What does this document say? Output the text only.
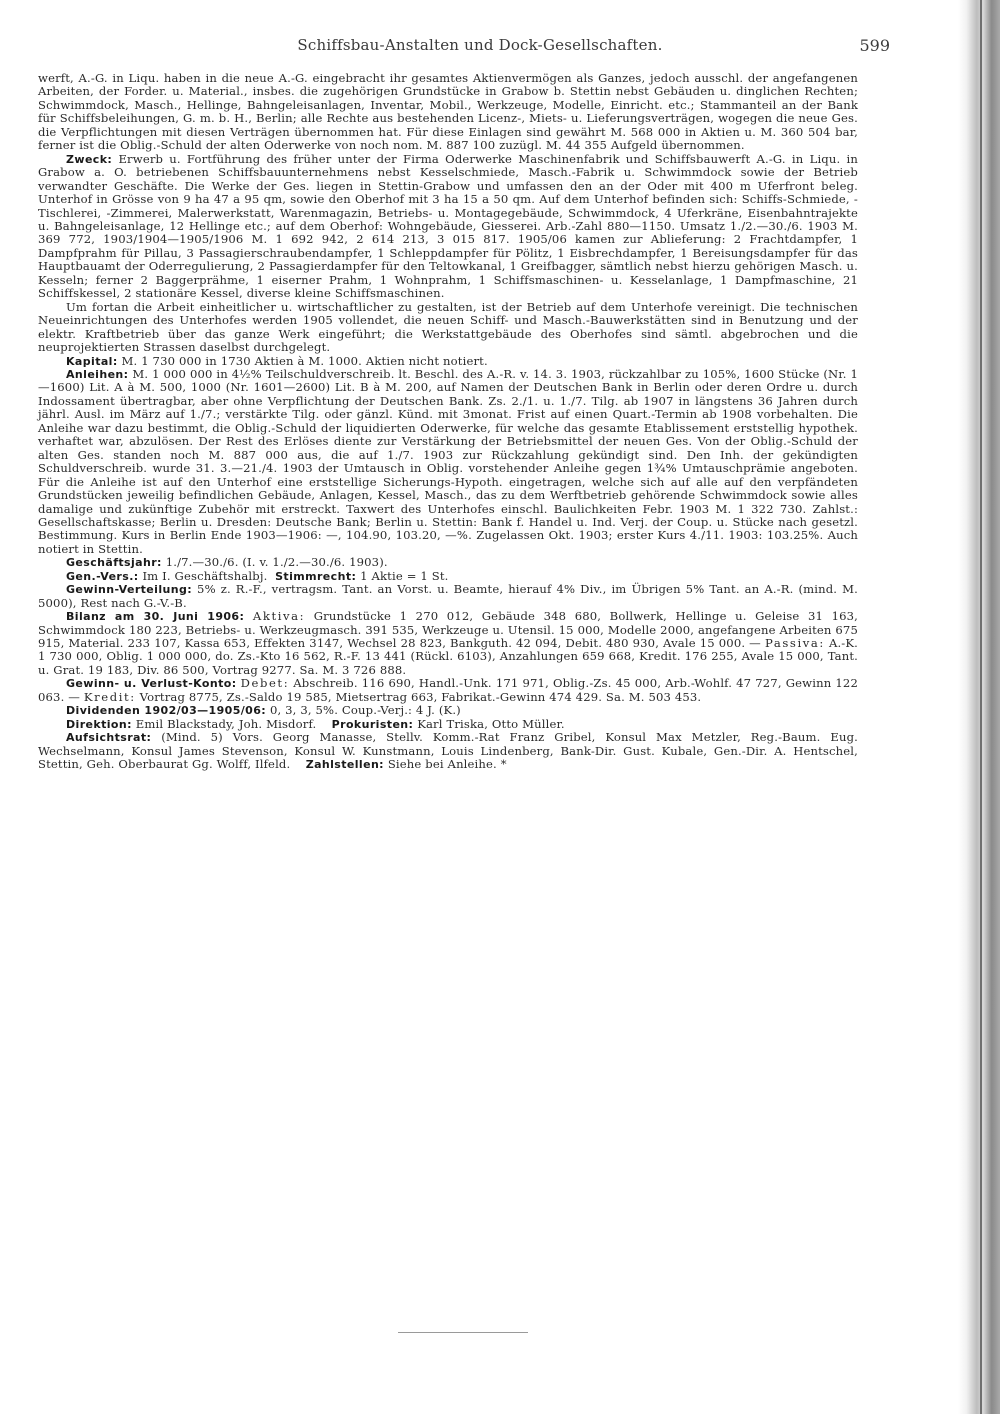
Schiffsbau-Anstalten und Dock-Gesellschaften.	599

werft, A.-G. in Liqu. haben in die neue A.-G. eingebracht ihr gesamtes Aktienvermögen als Ganzes, jedoch ausschl. der angefangenen Arbeiten, der Forder. u. Material., insbes. die zugehörigen Grundstücke in Grabow b. Stettin nebst Gebäuden u. dinglichen Rechten; Schwimmdock, Masch., Hellinge, Bahngeleisanlagen, Inventar, Mobil., Werkzeuge, Modelle, Einricht. etc.; Stammanteil an der Bank für Schiffsbeleihungen, G. m. b. H., Berlin; alle Rechte aus bestehenden Licenz-, Miets- u. Lieferungsverträgen, wogegen die neue Ges. die Verpflichtungen mit diesen Verträgen übernommen hat. Für diese Einlagen sind gewährt M. 568 000 in Aktien u. M. 360 504 bar, ferner ist die Oblig.-Schuld der alten Oderwerke von noch nom. M. 887 100 zuzügl. M. 44 355 Aufgeld übernommen.

Zweck: Erwerb u. Fortführung des früher unter der Firma Oderwerke Maschinenfabrik und Schiffsbauwerft A.-G. in Liqu. in Grabow a. O. betriebenen Schiffsbauunternehmens nebst Kesselschmiede, Masch.-Fabrik u. Schwimmdock sowie der Betrieb verwandter Geschäfte. Die Werke der Ges. liegen in Stettin-Grabow und umfassen den an der Oder mit 400 m Uferfront beleg. Unterhof in Grösse von 9 ha 47 a 95 qm, sowie den Oberhof mit 3 ha 15 a 50 qm. Auf dem Unterhof befinden sich: Schiffs-Schmiede, -Tischlerei, -Zimmerei, Malerwerkstatt, Warenmagazin, Betriebs- u. Montagegebäude, Schwimmdock, 4 Uferkräne, Eisenbahntrajekte u. Bahngeleisanlage, 12 Hellinge etc.; auf dem Oberhof: Wohngebäude, Giesserei. Arb.-Zahl 880—1150. Umsatz 1./2.—30./6. 1903 M. 369 772, 1903/1904—1905/1906 M. 1 692 942, 2 614 213, 3 015 817. 1905/06 kamen zur Ablieferung: 2 Frachtdampfer, 1 Dampfprahm für Pillau, 3 Passagierschraubendampfer, 1 Schleppdampfer für Pölitz, 1 Eisbrechdampfer, 1 Bereisungsdampfer für das Hauptbauamt der Oderregulierung, 2 Passagierdampfer für den Teltowkanal, 1 Greifbagger, sämtlich nebst hierzu gehörigen Masch. u. Kesseln; ferner 2 Baggerprähme, 1 eiserner Prahm, 1 Wohnprahm, 1 Schiffsmaschinen- u. Kesselanlage, 1 Dampfmaschine, 21 Schiffskessel, 2 stationäre Kessel, diverse kleine Schiffsmaschinen.

Um fortan die Arbeit einheitlicher u. wirtschaftlicher zu gestalten, ist der Betrieb auf dem Unterhofe vereinigt. Die technischen Neueinrichtungen des Unterhofes werden 1905 vollendet, die neuen Schiff- und Masch.-Bauwerkstätten sind in Benutzung und der elektr. Kraftbetrieb über das ganze Werk eingeführt; die Werkstattgebäude des Oberhofes sind sämtl. abgebrochen und die neuprojektierten Strassen daselbst durchgelegt.

Kapital: M. 1 730 000 in 1730 Aktien à M. 1000. Aktien nicht notiert.

Anleihen: M. 1 000 000 in 4½% Teilschuldverschreib. lt. Beschl. des A.-R. v. 14. 3. 1903, rückzahlbar zu 105%, 1600 Stücke (Nr. 1—1600) Lit. A à M. 500, 1000 (Nr. 1601—2600) Lit. B à M. 200, auf Namen der Deutschen Bank in Berlin oder deren Ordre u. durch Indossament übertragbar, aber ohne Verpflichtung der Deutschen Bank. Zs. 2./1. u. 1./7. Tilg. ab 1907 in längstens 36 Jahren durch jährl. Ausl. im März auf 1./7.; verstärkte Tilg. oder gänzl. Künd. mit 3monat. Frist auf einen Quart.-Termin ab 1908 vorbehalten. Die Anleihe war dazu bestimmt, die Oblig.-Schuld der liquidierten Oderwerke, für welche das gesamte Etablissement erststellig hypothek. verhaftet war, abzulösen. Der Rest des Erlöses diente zur Verstärkung der Betriebsmittel der neuen Ges. Von der Oblig.-Schuld der alten Ges. standen noch M. 887 000 aus, die auf 1./7. 1903 zur Rückzahlung gekündigt sind. Den Inh. der gekündigten Schuldverschreib. wurde 31. 3.—21./4. 1903 der Umtausch in Oblig. vorstehender Anleihe gegen 1¾% Umtauschprämie angeboten. Für die Anleihe ist auf den Unterhof eine erststellige Sicherungs-Hypoth. eingetragen, welche sich auf alle auf den verpfändeten Grundstücken jeweilig befindlichen Gebäude, Anlagen, Kessel, Masch., das zu dem Werftbetrieb gehörende Schwimmdock sowie alles damalige und zukünftige Zubehör mit erstreckt. Taxwert des Unterhofes einschl. Baulichkeiten Febr. 1903 M. 1 322 730. Zahlst.: Gesellschaftskasse; Berlin u. Dresden: Deutsche Bank; Berlin u. Stettin: Bank f. Handel u. Ind. Verj. der Coup. u. Stücke nach gesetzl. Bestimmung. Kurs in Berlin Ende 1903—1906: —, 104.90, 103.20, —%. Zugelassen Okt. 1903; erster Kurs 4./11. 1903: 103.25%. Auch notiert in Stettin.

Geschäftsjahr: 1./7.—30./6. (I. v. 1./2.—30./6. 1903).

Gen.-Vers.: Im I. Geschäftshalbj. Stimmrecht: 1 Aktie = 1 St.

Gewinn-Verteilung: 5% z. R.-F., vertragsm. Tant. an Vorst. u. Beamte, hierauf 4% Div., im Übrigen 5% Tant. an A.-R. (mind. M. 5000), Rest nach G.-V.-B.

Bilanz am 30. Juni 1906: Aktiva: Grundstücke 1 270 012, Gebäude 348 680, Bollwerk, Hellinge u. Geleise 31 163, Schwimmdock 180 223, Betriebs- u. Werkzeugmasch. 391 535, Werkzeuge u. Utensil. 15 000, Modelle 2000, angefangene Arbeiten 675 915, Material. 233 107, Kassa 653, Effekten 3147, Wechsel 28 823, Bankguth. 42 094, Debit. 480 930, Avale 15 000. — Passiva: A.-K. 1 730 000, Oblig. 1 000 000, do. Zs.-Kto 16 562, R.-F. 13 441 (Rückl. 6103), Anzahlungen 659 668, Kredit. 176 255, Avale 15 000, Tant. u. Grat. 19 183, Div. 86 500, Vortrag 9277. Sa. M. 3 726 888.

Gewinn- u. Verlust-Konto: Debet: Abschreib. 116 690, Handl.-Unk. 171 971, Oblig.-Zs. 45 000, Arb.-Wohlf. 47 727, Gewinn 122 063. — Kredit: Vortrag 8775, Zs.-Saldo 19 585, Mietsertrag 663, Fabrikat.-Gewinn 474 429. Sa. M. 503 453.

Dividenden 1902/03—1905/06: 0, 3, 3, 5%. Coup.-Verj.: 4 J. (K.)

Direktion: Emil Blackstady, Joh. Misdorf. Prokuristen: Karl Triska, Otto Müller.

Aufsichtsrat: (Mind. 5) Vors. Georg Manasse, Stellv. Komm.-Rat Franz Gribel, Konsul Max Metzler, Reg.-Baum. Eug. Wechselmann, Konsul James Stevenson, Konsul W. Kunstmann, Louis Lindenberg, Bank-Dir. Gust. Kubale, Gen.-Dir. A. Hentschel, Stettin, Geh. Oberbaurat Gg. Wolff, Ilfeld. Zahlstellen: Siehe bei Anleihe. *
